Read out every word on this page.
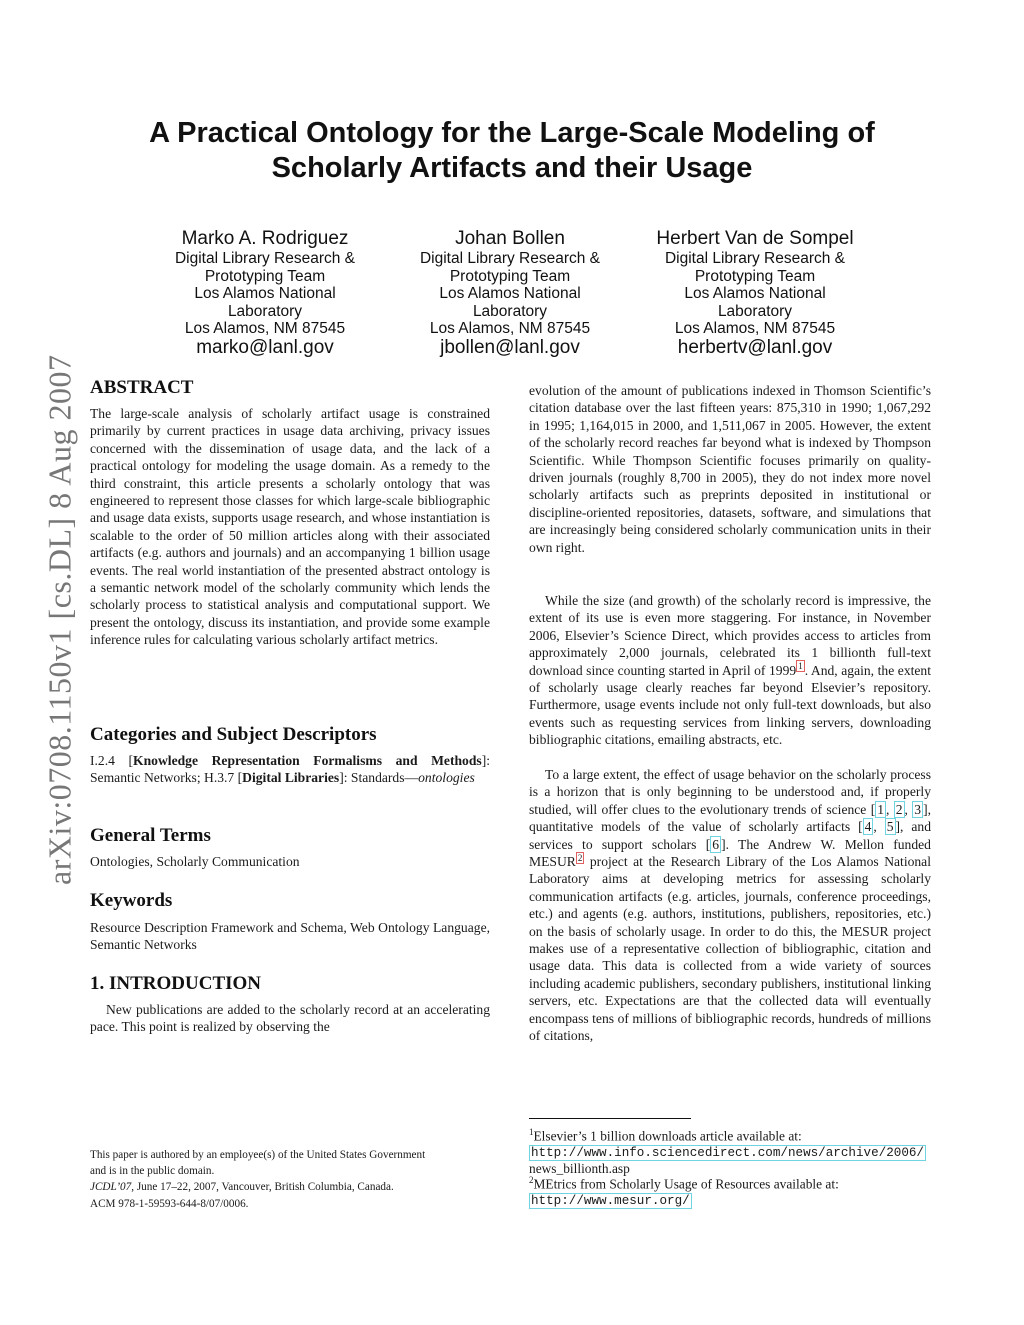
A Practical Ontology for the Large-Scale Modeling of
Scholarly Artifacts and their Usage
Marko A. Rodriguez
Digital Library Research &
Prototyping Team
Los Alamos National
Laboratory
Los Alamos, NM 87545
marko@lanl.gov
Johan Bollen
Digital Library Research &
Prototyping Team
Los Alamos National
Laboratory
Los Alamos, NM 87545
jbollen@lanl.gov
Herbert Van de Sompel
Digital Library Research &
Prototyping Team
Los Alamos National
Laboratory
Los Alamos, NM 87545
herbertv@lanl.gov
arXiv:0708.1150v1 [cs.DL] 8 Aug 2007 ABSTRACT
The large-scale analysis of scholarly artifact usage is constrained primarily by current practices in usage data archiving, privacy issues concerned with the dissemination of usage data, and the lack of a practical ontology for modeling the usage domain. As a remedy to the third constraint, this article presents a scholarly ontology that was engineered to represent those classes for which large-scale bibliographic and usage data exists, supports usage research, and whose instantiation is scalable to the order of 50 million articles along with their associated artifacts (e.g. authors and journals) and an accompanying 1 billion usage events. The real world instantiation of the presented abstract ontology is a semantic network model of the scholarly community which lends the scholarly process to statistical analysis and computational support. We present the ontology, discuss its instantiation, and provide some example inference rules for calculating various scholarly artifact metrics.
Categories and Subject Descriptors
I.2.4 [Knowledge Representation Formalisms and Methods]: Semantic Networks; H.3.7 [Digital Libraries]: Standards—ontologies
General Terms
Ontologies, Scholarly Communication
Keywords
Resource Description Framework and Schema, Web Ontology Language, Semantic Networks
1. INTRODUCTION
New publications are added to the scholarly record at an accelerating pace. This point is realized by observing the
evolution of the amount of publications indexed in Thomson Scientific’s citation database over the last fifteen years: 875,310 in 1990; 1,067,292 in 1995; 1,164,015 in 2000, and 1,511,067 in 2005. However, the extent of the scholarly record reaches far beyond what is indexed by Thompson Scientific. While Thompson Scientific focuses primarily on quality-driven journals (roughly 8,700 in 2005), they do not index more novel scholarly artifacts such as preprints deposited in institutional or discipline-oriented repositories, datasets, software, and simulations that are increasingly being considered scholarly communication units in their own right.
While the size (and growth) of the scholarly record is impressive, the extent of its use is even more staggering. For instance, in November 2006, Elsevier’s Science Direct, which provides access to articles from approximately 2,000 journals, celebrated its 1 billionth full-text download since counting started in April of 1999 $^1$ . And, again, the extent of scholarly usage clearly reaches far beyond Elsevier’s repository. Furthermore, usage events include not only full-text downloads, but also events such as requesting services from linking servers, downloading bibliographic citations, emailing abstracts, etc.
To a large extent, the effect of usage behavior on the scholarly process is a horizon that is only beginning to be understood and, if properly studied, will offer clues to the evolutionary trends of science [ 1 , 2 , 3 ], quantitative models of the value of scholarly artifacts [ 4 , 5 ], and services to support scholars [ 6 ]. The Andrew W. Mellon funded MESUR $^2$ project at the Research Library of the Los Alamos National Laboratory aims at developing metrics for assessing scholarly communication artifacts (e.g. articles, journals, conference proceedings, etc.) and agents (e.g. authors, institutions, publishers, repositories, etc.) on the basis of scholarly usage. In order to do this, the MESUR project makes use of a representative collection of bibliographic, citation and usage data. This data is collected from a wide variety of sources including academic publishers, secondary publishers, institutional linking servers, etc. Expectations are that the collected data will eventually encompass tens of millions of bibliographic records, hundreds of millions of citations,
$^1$Elsevier’s 1 billion downloads article available at:
http://www.info.sciencedirect.com/news/archive/2006/
news_billionth.asp
$^2$MEtrics from Scholarly Usage of Resources available at:
http://www.mesur.org/
This paper is authored by an employee(s) of the United States Government
and is in the public domain.
JCDL’07, June 17–22, 2007, Vancouver, British Columbia, Canada.
ACM 978-1-59593-644-8/07/0006.
